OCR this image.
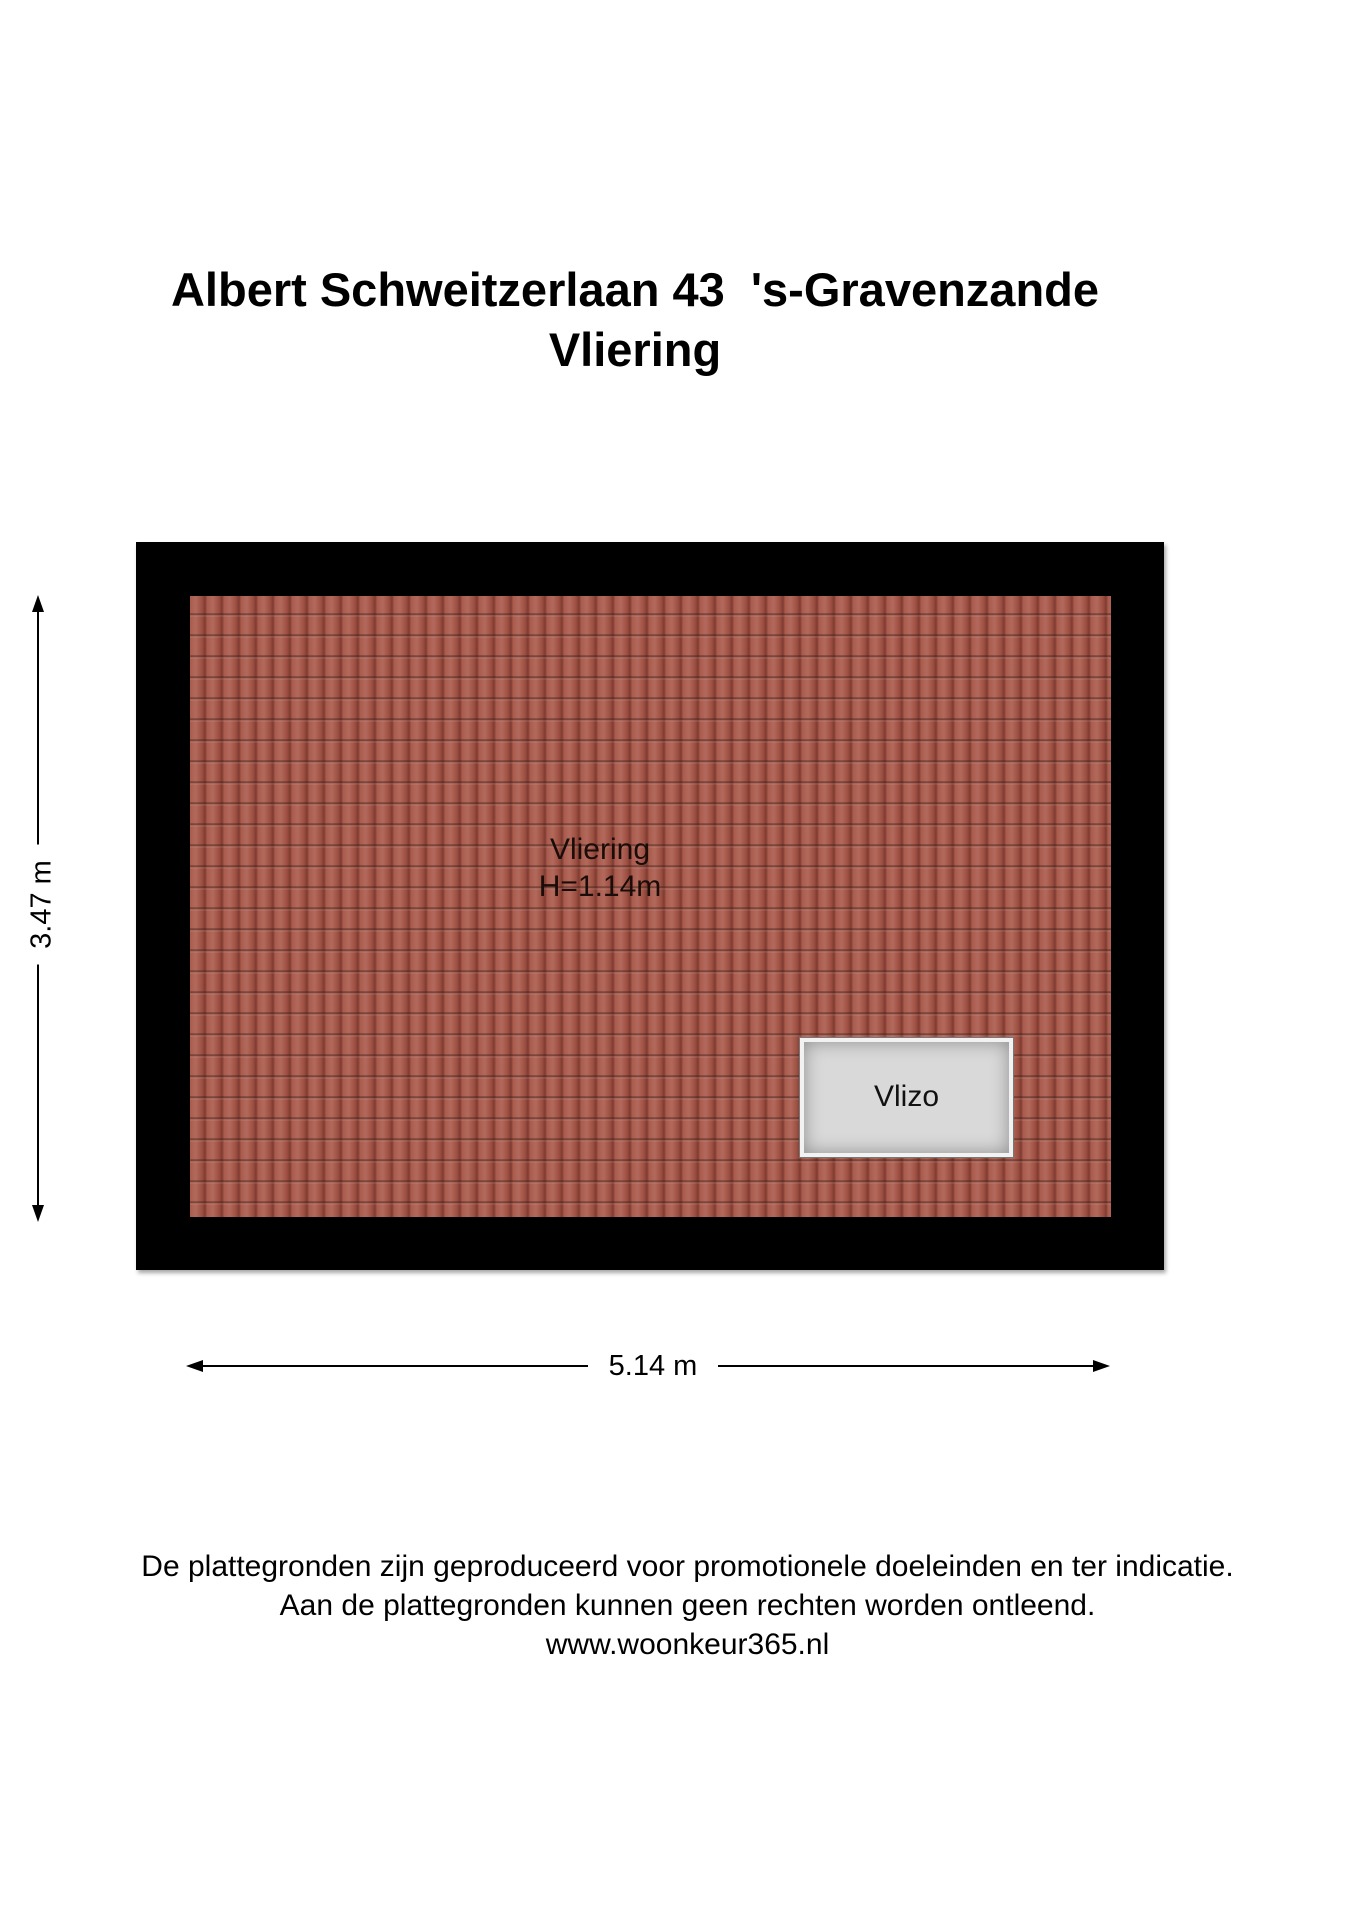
Albert Schweitzerlaan 43  's-Gravenzande
Vliering
Vliering
H=1.14m
Vlizo
3.47 m
5.14 m
De plattegronden zijn geproduceerd voor promotionele doeleinden en ter indicatie.
Aan de plattegronden kunnen geen rechten worden ontleend.
www.woonkeur365.nl
